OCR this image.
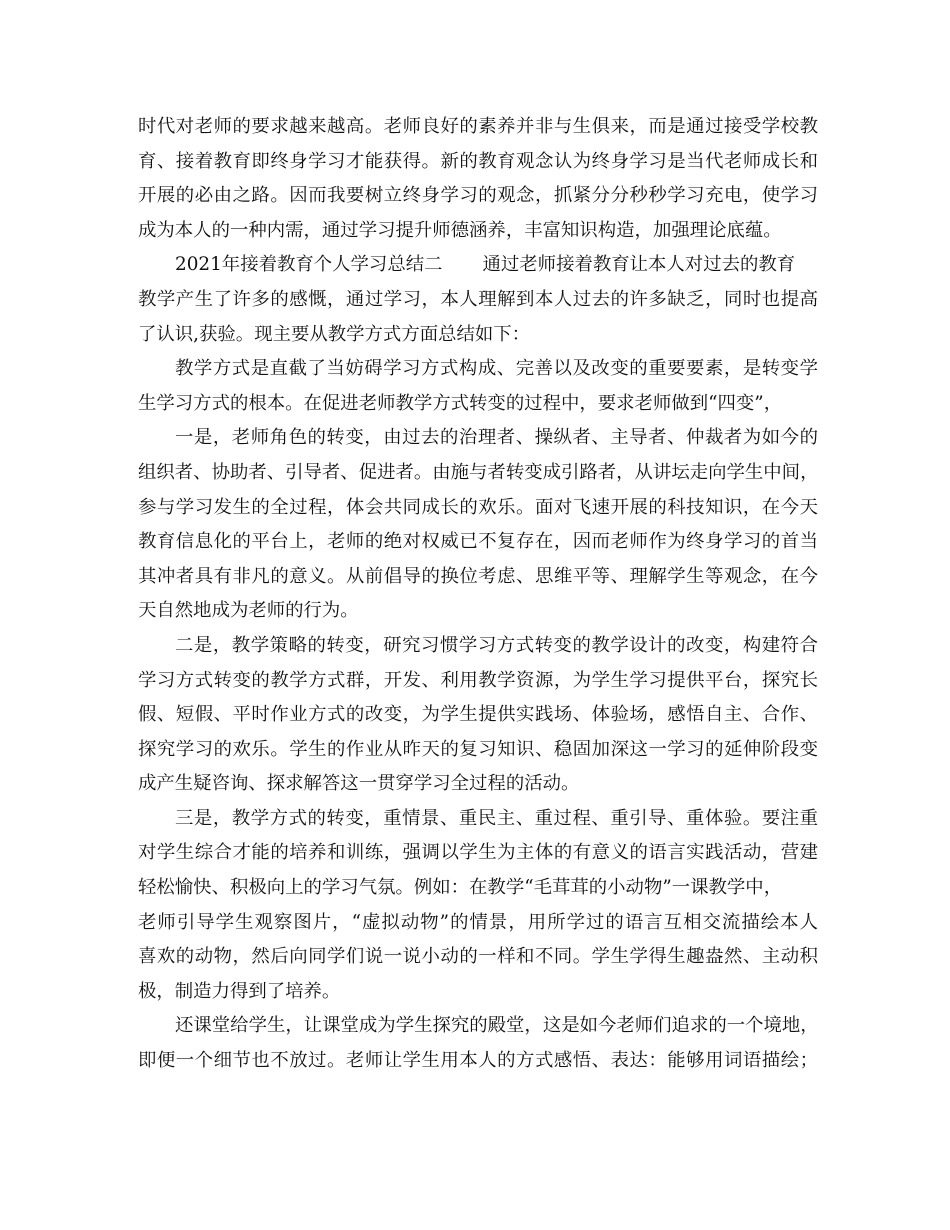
时代对老师的要求越来越高。老师良好的素养并非与生俱来，而是通过接受学校教
育、接着教育即终身学习才能获得。新的教育观念认为终身学习是当代老师成长和
开展的必由之路。因而我要树立终身学习的观念，抓紧分分秒秒学习充电，使学习
成为本人的一种内需，通过学习提升师德涵养，丰富知识构造，加强理论底蕴。
2021年接着教育个人学习总结二 通过老师接着教育让本人对过去的教育
教学产生了许多的感慨，通过学习，本人理解到本人过去的许多缺乏，同时也提高
了认识,获验。现主要从教学方式方面总结如下：
教学方式是直截了当妨碍学习方式构成、完善以及改变的重要要素，是转变学
生学习方式的根本。在促进老师教学方式转变的过程中，要求老师做到“四变”，
一是，老师角色的转变，由过去的治理者、操纵者、主导者、仲裁者为如今的
组织者、协助者、引导者、促进者。由施与者转变成引路者，从讲坛走向学生中间，
参与学习发生的全过程，体会共同成长的欢乐。面对飞速开展的科技知识，在今天
教育信息化的平台上，老师的绝对权威已不复存在，因而老师作为终身学习的首当
其冲者具有非凡的意义。从前倡导的换位考虑、思维平等、理解学生等观念，在今
天自然地成为老师的行为。
二是，教学策略的转变，研究习惯学习方式转变的教学设计的改变，构建符合
学习方式转变的教学方式群，开发、利用教学资源，为学生学习提供平台，探究长
假、短假、平时作业方式的改变，为学生提供实践场、体验场，感悟自主、合作、
探究学习的欢乐。学生的作业从昨天的复习知识、稳固加深这一学习的延伸阶段变
成产生疑咨询、探求解答这一贯穿学习全过程的活动。
三是，教学方式的转变，重情景、重民主、重过程、重引导、重体验。要注重
对学生综合才能的培养和训练，强调以学生为主体的有意义的语言实践活动，营建
轻松愉快、积极向上的学习气氛。例如：在教学“毛茸茸的小动物”一课教学中，
老师引导学生观察图片，“虚拟动物”的情景，用所学过的语言互相交流描绘本人
喜欢的动物，然后向同学们说一说小动的一样和不同。学生学得生趣盎然、主动积
极，制造力得到了培养。
还课堂给学生，让课堂成为学生探究的殿堂，这是如今老师们追求的一个境地，
即便一个细节也不放过。老师让学生用本人的方式感悟、表达：能够用词语描绘；
